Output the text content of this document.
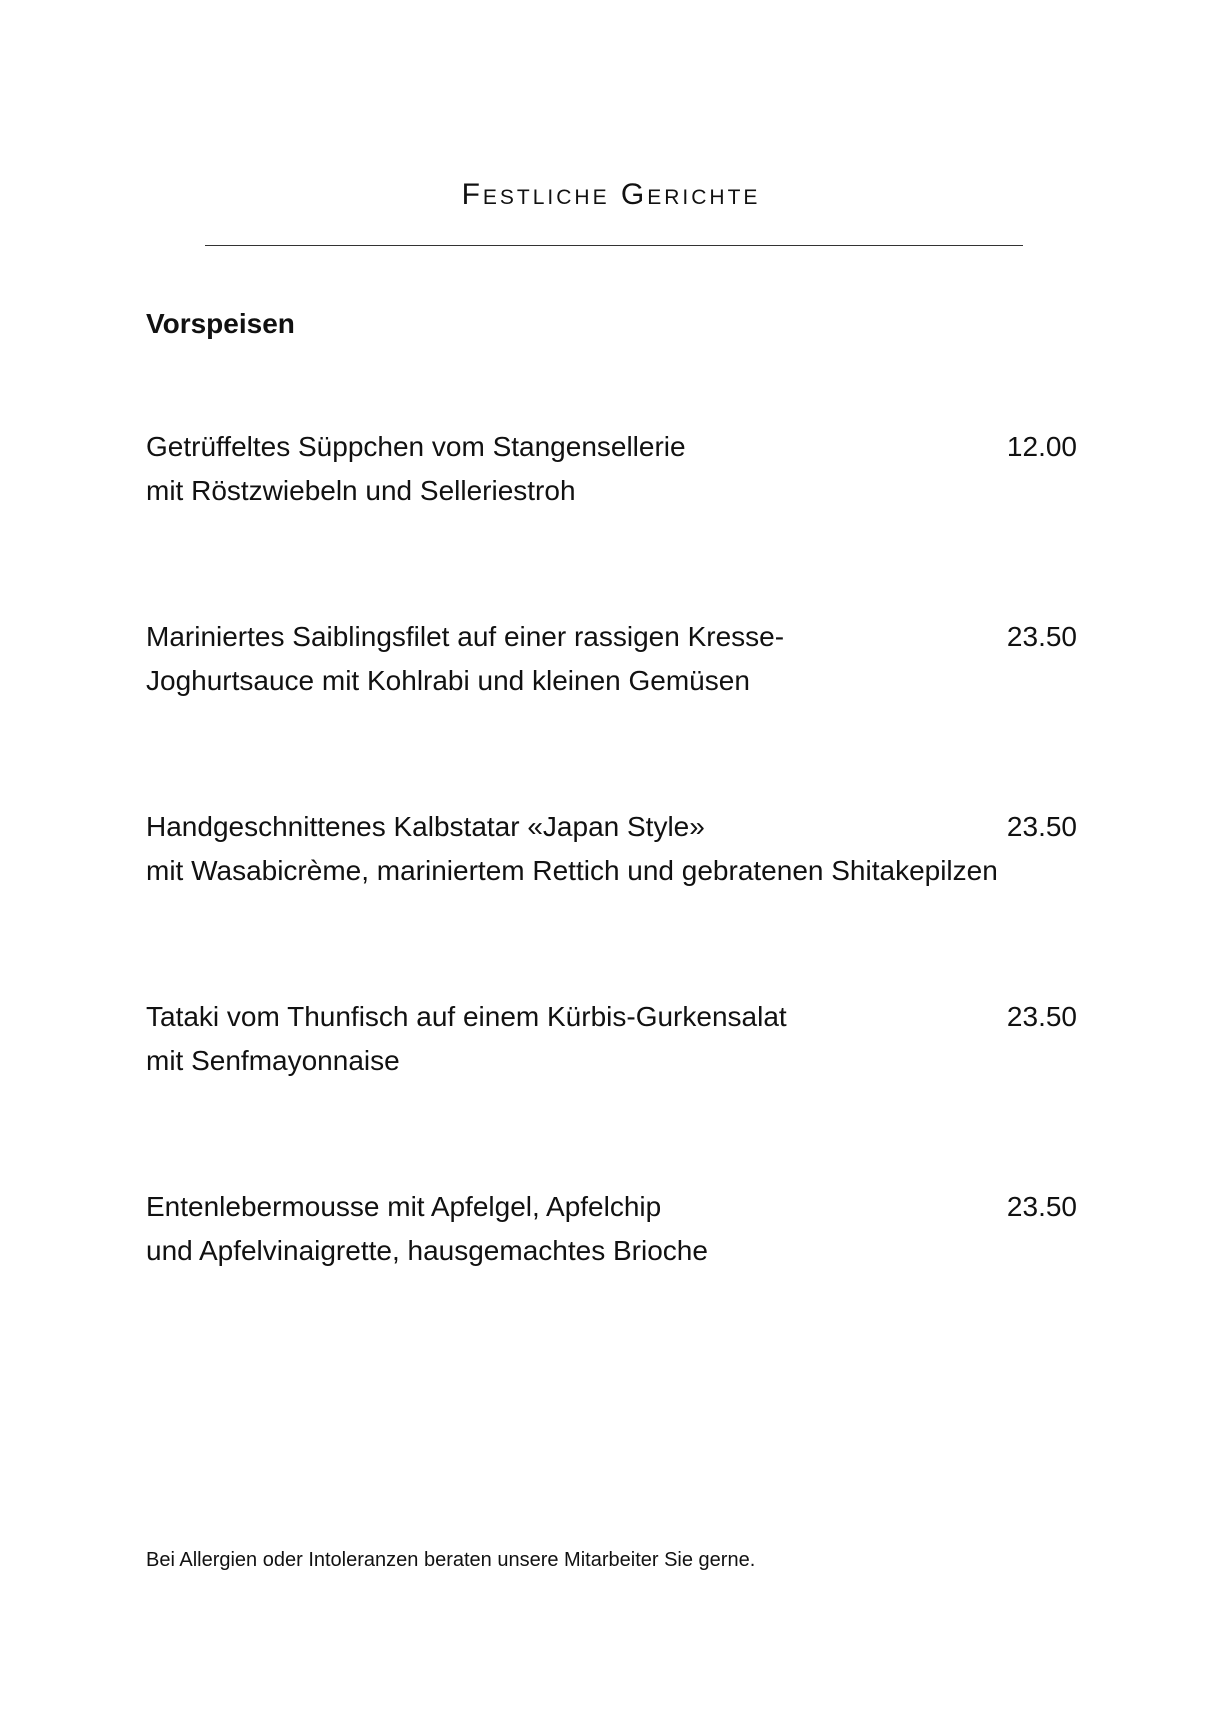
Festliche Gerichte
Vorspeisen
Getrüffeltes Süppchen vom Stangensellerie	12.00
mit Röstzwiebeln und Selleriestroh
Mariniertes Saiblingsfilet auf einer rassigen Kresse-	23.50
Joghurtsauce mit Kohlrabi und kleinen Gemüsen
Handgeschnittenes Kalbstatar «Japan Style»	23.50
mit Wasabicrème, mariniertem Rettich und gebratenen Shitakepilzen
Tataki vom Thunfisch auf einem Kürbis-Gurkensalat	23.50
mit Senfmayonnaise
Entenlebermousse mit Apfelgel, Apfelchip	23.50
und Apfelvinaigrette, hausgemachtes Brioche
Bei Allergien oder Intoleranzen beraten unsere Mitarbeiter Sie gerne.
